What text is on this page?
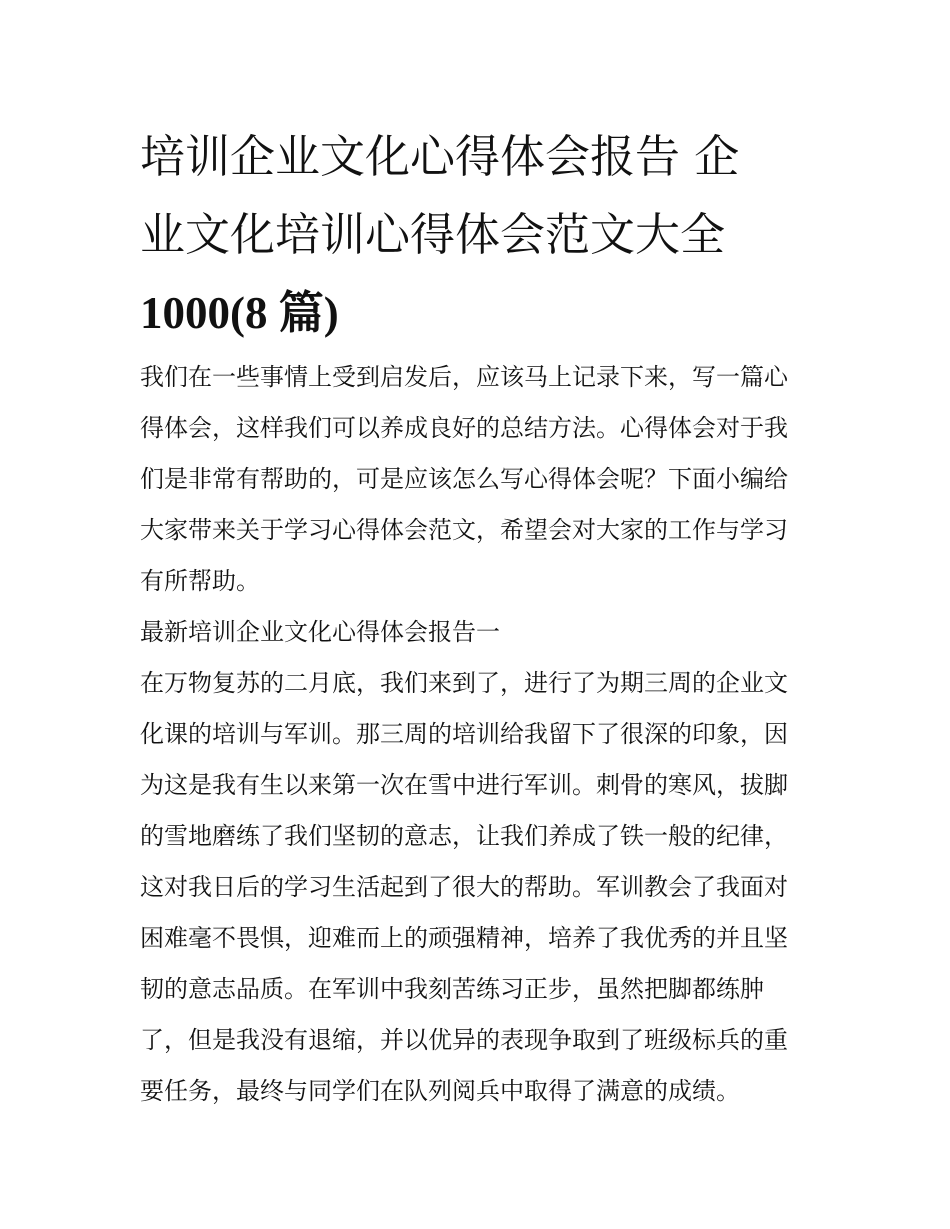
培训企业文化心得体会报告 企
业文化培训心得体会范文大全
1000(8 篇)
我们在一些事情上受到启发后，应该马上记录下来，写一篇心
得体会，这样我们可以养成良好的总结方法。心得体会对于我
们是非常有帮助的，可是应该怎么写心得体会呢？下面小编给
大家带来关于学习心得体会范文，希望会对大家的工作与学习
有所帮助。
最新培训企业文化心得体会报告一
在万物复苏的二月底，我们来到了，进行了为期三周的企业文
化课的培训与军训。那三周的培训给我留下了很深的印象，因
为这是我有生以来第一次在雪中进行军训。刺骨的寒风，拔脚
的雪地磨练了我们坚韧的意志，让我们养成了铁一般的纪律，
这对我日后的学习生活起到了很大的帮助。军训教会了我面对
困难毫不畏惧，迎难而上的顽强精神，培养了我优秀的并且坚
韧的意志品质。在军训中我刻苦练习正步，虽然把脚都练肿
了，但是我没有退缩，并以优异的表现争取到了班级标兵的重
要任务，最终与同学们在队列阅兵中取得了满意的成绩。
